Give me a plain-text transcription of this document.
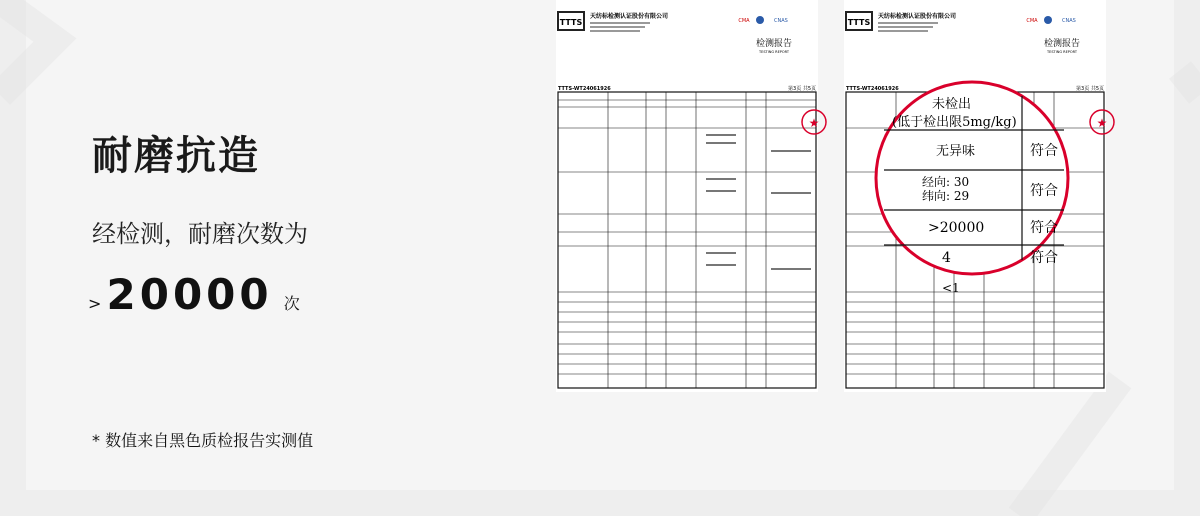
耐磨抗造
经检测，耐磨次数为
> 20000 次
* 数值来自黑色质检报告实测值
TTTS
天纺标检测认证股份有限公司
CMA	CNAS
检测报告
TESTING REPORT
TTTS-WT24061926	第3页 共5页
★
TTTS
天纺标检测认证股份有限公司
CMA	CNAS
检测报告
TESTING REPORT
TTTS-WT24061926	第3页 共5页
★
未检出
(低于检出限5mg/kg)
无异味	符合
经向: 30
纬向: 29	符合
>20000	符合
4	符合
<1
